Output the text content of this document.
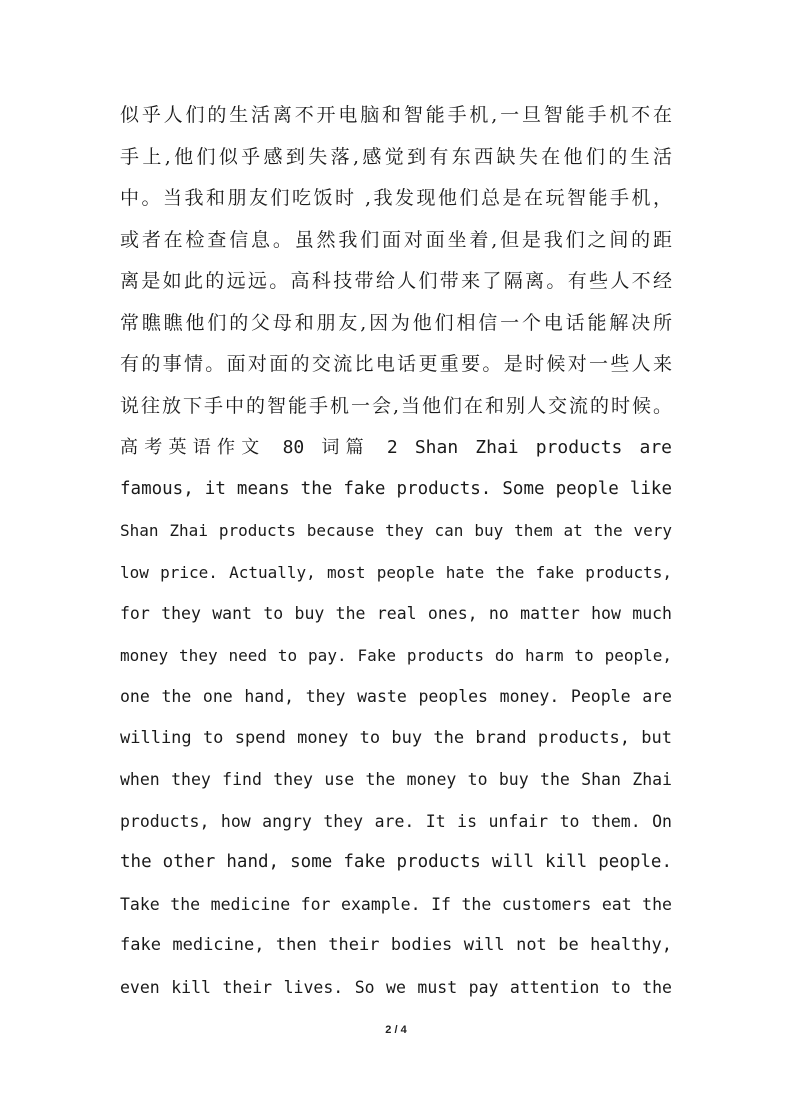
似乎人们的生活离不开电脑和智能手机,一旦智能手机不在
手上,他们似乎感到失落,感觉到有东西缺失在他们的生活
中。当我和朋友们吃饭时 ,我发现他们总是在玩智能手机，
或者在检查信息。虽然我们面对面坐着,但是我们之间的距
离是如此的远远。高科技带给人们带来了隔离。有些人不经
常瞧瞧他们的父母和朋友,因为他们相信一个电话能解决所
有的事情。面对面的交流比电话更重要。是时候对一些人来
说往放下手中的智能手机一会,当他们在和别人交流的时候。
高考英语作文 80 词篇 2 Shan Zhai products are
famous, it means the fake products. Some people like
Shan Zhai products because they can buy them at the very
low price. Actually, most people hate the fake products,
for they want to buy the real ones, no matter how much
money they need to pay. Fake products do harm to people,
one the one hand, they waste peoples money. People are
willing to spend money to buy the brand products, but
when they find they use the money to buy the Shan Zhai
products, how angry they are. It is unfair to them. On
the other hand, some fake products will kill people.
Take the medicine for example. If the customers eat the
fake medicine, then their bodies will not be healthy,
even kill their lives. So we must pay attention to the
2 / 4
